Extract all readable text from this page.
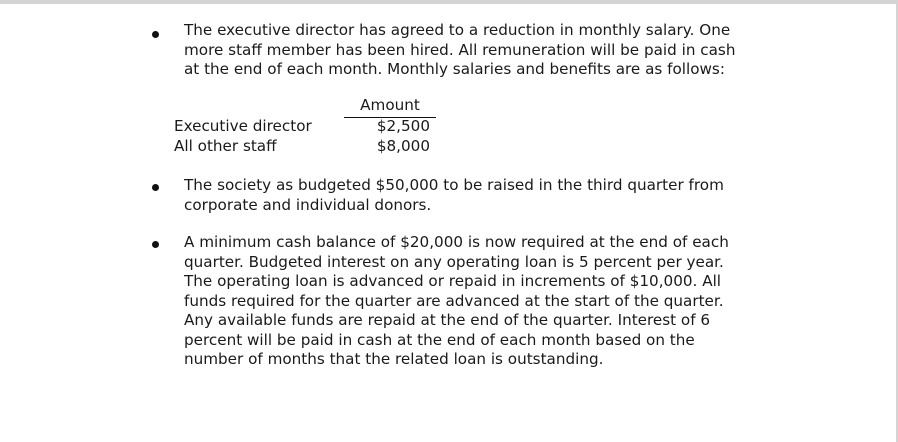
The executive director has agreed to a reduction in monthly salary. One
more staff member has been hired. All remuneration will be paid in cash
at the end of each month. Monthly salaries and benefits are as follows:
Amount
Executive director	$2,500
All other staff	$8,000
The society as budgeted $50,000 to be raised in the third quarter from
corporate and individual donors.
A minimum cash balance of $20,000 is now required at the end of each
quarter. Budgeted interest on any operating loan is 5 percent per year.
The operating loan is advanced or repaid in increments of $10,000. All
funds required for the quarter are advanced at the start of the quarter.
Any available funds are repaid at the end of the quarter. Interest of 6
percent will be paid in cash at the end of each month based on the
number of months that the related loan is outstanding.
